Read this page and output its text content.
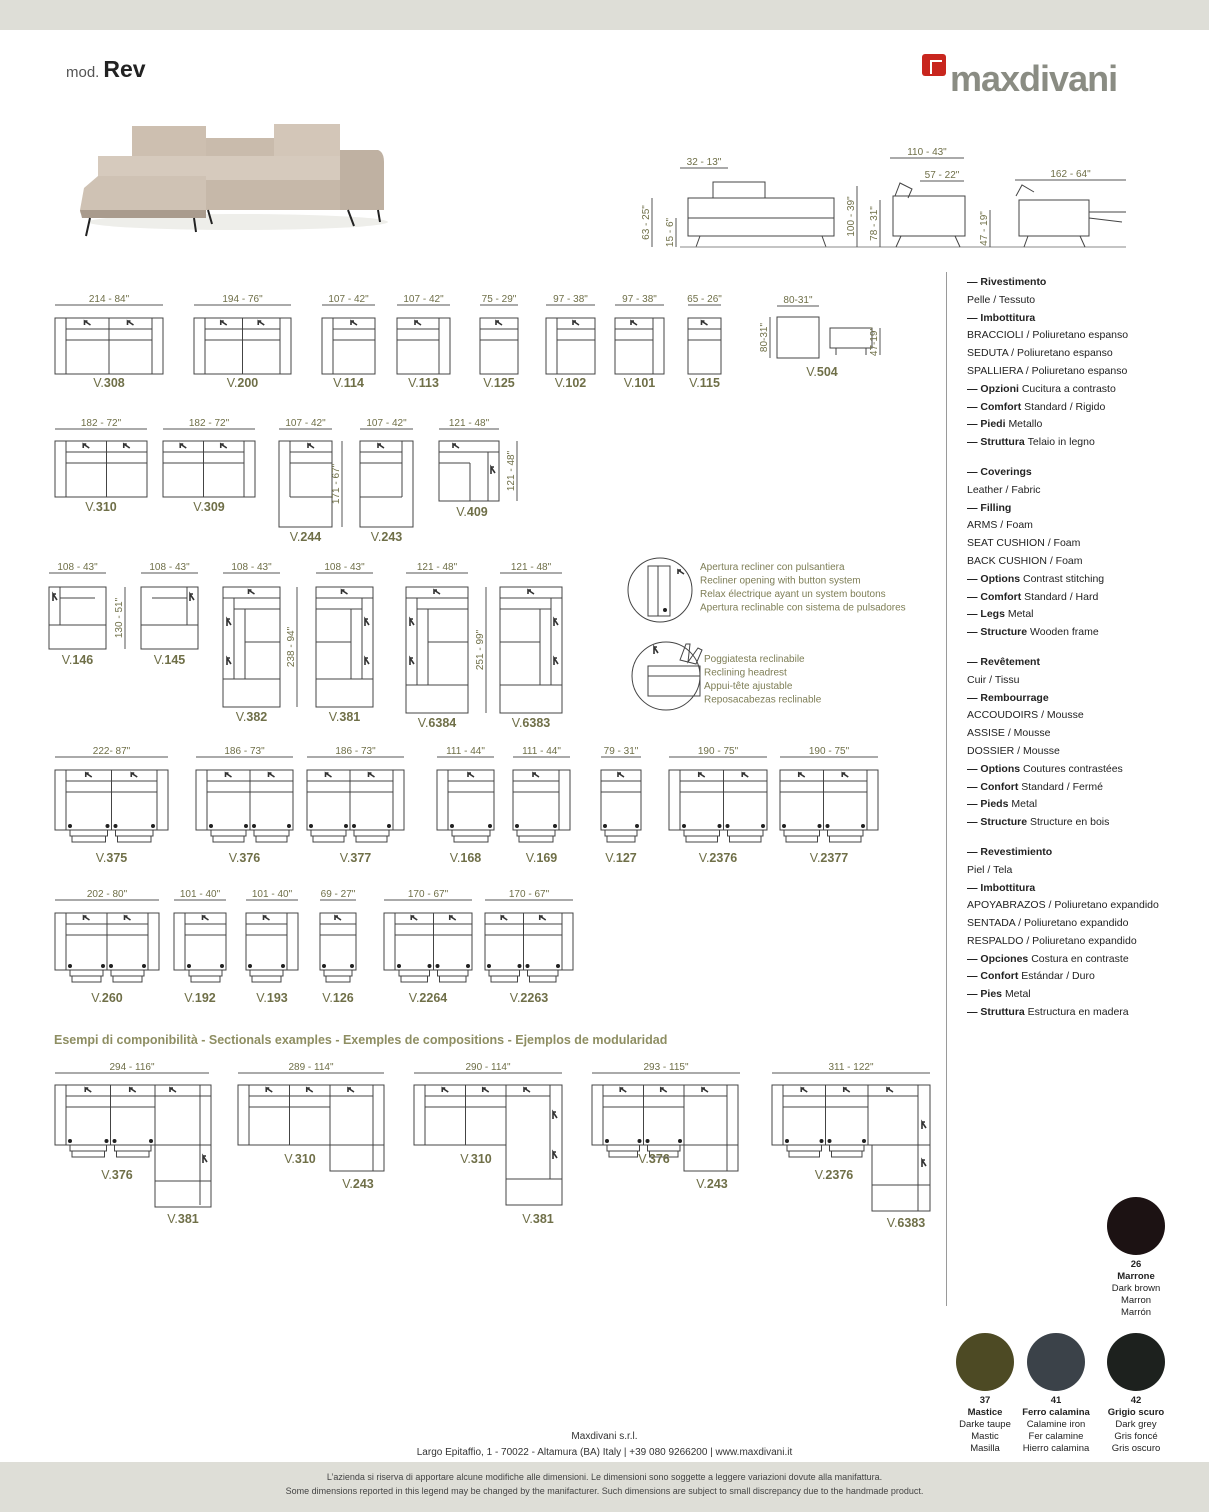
mod. Rev	maxdivani
214 - 84"
V.308
194 - 76"
V.200
107 - 42"
V.114
107 - 42"
V.113
75 - 29"
V.125
97 - 38"
V.102
97 - 38"
V.101
65 - 26"
V.115
80-31"
80-31"	47-19"
V.504
182 - 72"
V.310
182 - 72"
V.309
107 - 42"
171 - 67"
V.244
107 - 42"
V.243
121 - 48"
121 - 48"
V.409
108 - 43"
V.146
130 - 51"
108 - 43"
V.145
108 - 43"
V.382
238 - 94"
108 - 43"
V.381
121 - 48"
V.6384
251 - 99"
121 - 48"
V.6383
Apertura recliner con pulsantiera
Recliner opening with button system
Relax électrique ayant un system boutons
Apertura reclinable con sistema de pulsadores
Poggiatesta reclinabile
Reclining headrest
Appui-tête ajustable
Reposacabezas reclinable
222- 87"
V.375
186 - 73"
V.376
186 - 73"
V.377
111 - 44"
V.168
111 - 44"
V.169
79 - 31"
V.127
190 - 75"
V.2376
190 - 75"
V.2377
202 - 80"
V.260
101 - 40"
V.192
101 - 40"
V.193
69 - 27"
V.126
170 - 67"
V.2264
170 - 67"
V.2263
294 - 116"
V.376
V.381
289 - 114"
V.310
V.243
290 - 114"
V.310
V.381
293 - 115"
V.376
V.243
311 - 122"
V.2376
V.6383
32 - 13"
63 - 25" 15 - 6"
110 - 43"
57 - 22"
100 - 39" 78 - 31"	47 - 19"
162 - 64"
Esempi di componibilità - Sectionals examples - Exemples de compositions - Ejemplos de modularidad
— Rivestimento
Pelle / Tessuto
— Imbottitura
BRACCIOLI / Poliuretano espanso
SEDUTA / Poliuretano espanso
SPALLIERA / Poliuretano espanso
— Opzioni Cucitura a contrasto
— Comfort Standard / Rigido
— Piedi Metallo
— Struttura Telaio in legno
— Coverings
Leather / Fabric
— Filling
ARMS / Foam
SEAT CUSHION / Foam
BACK CUSHION / Foam
— Options Contrast stitching
— Comfort Standard / Hard
— Legs Metal
— Structure Wooden frame
— Revêtement
Cuir / Tissu
— Rembourrage
ACCOUDOIRS / Mousse
ASSISE / Mousse
DOSSIER / Mousse
— Options Coutures contrastées
— Confort Standard / Fermé
— Pieds Metal
— Structure Structure en bois
— Revestimiento
Piel / Tela
— Imbottitura
APOYABRAZOS / Poliuretano expandido
SENTADA / Poliuretano expandido
RESPALDO / Poliuretano expandido
— Opciones Costura en contraste
— Confort Estándar / Duro
— Pies Metal
— Struttura Estructura en madera
26
Marrone
Dark brown
Marron
Marrón
37
Mastice
Darke taupe
Mastic
Masilla
41
Ferro calamina
Calamine iron
Fer calamine
Hierro calamina
42
Grigio scuro
Dark grey
Gris foncé
Gris oscuro
Maxdivani s.r.l.
Largo Epitaffio, 1 - 70022 - Altamura (BA) Italy | +39 080 9266200 | www.maxdivani.it
L’azienda si riserva di apportare alcune modifiche alle dimensioni. Le dimensioni sono soggette a leggere variazioni dovute alla manifattura.
Some dimensions reported in this legend may be changed by the manifacturer. Such dimensions are subject to small discrepancy due to the handmade product.
